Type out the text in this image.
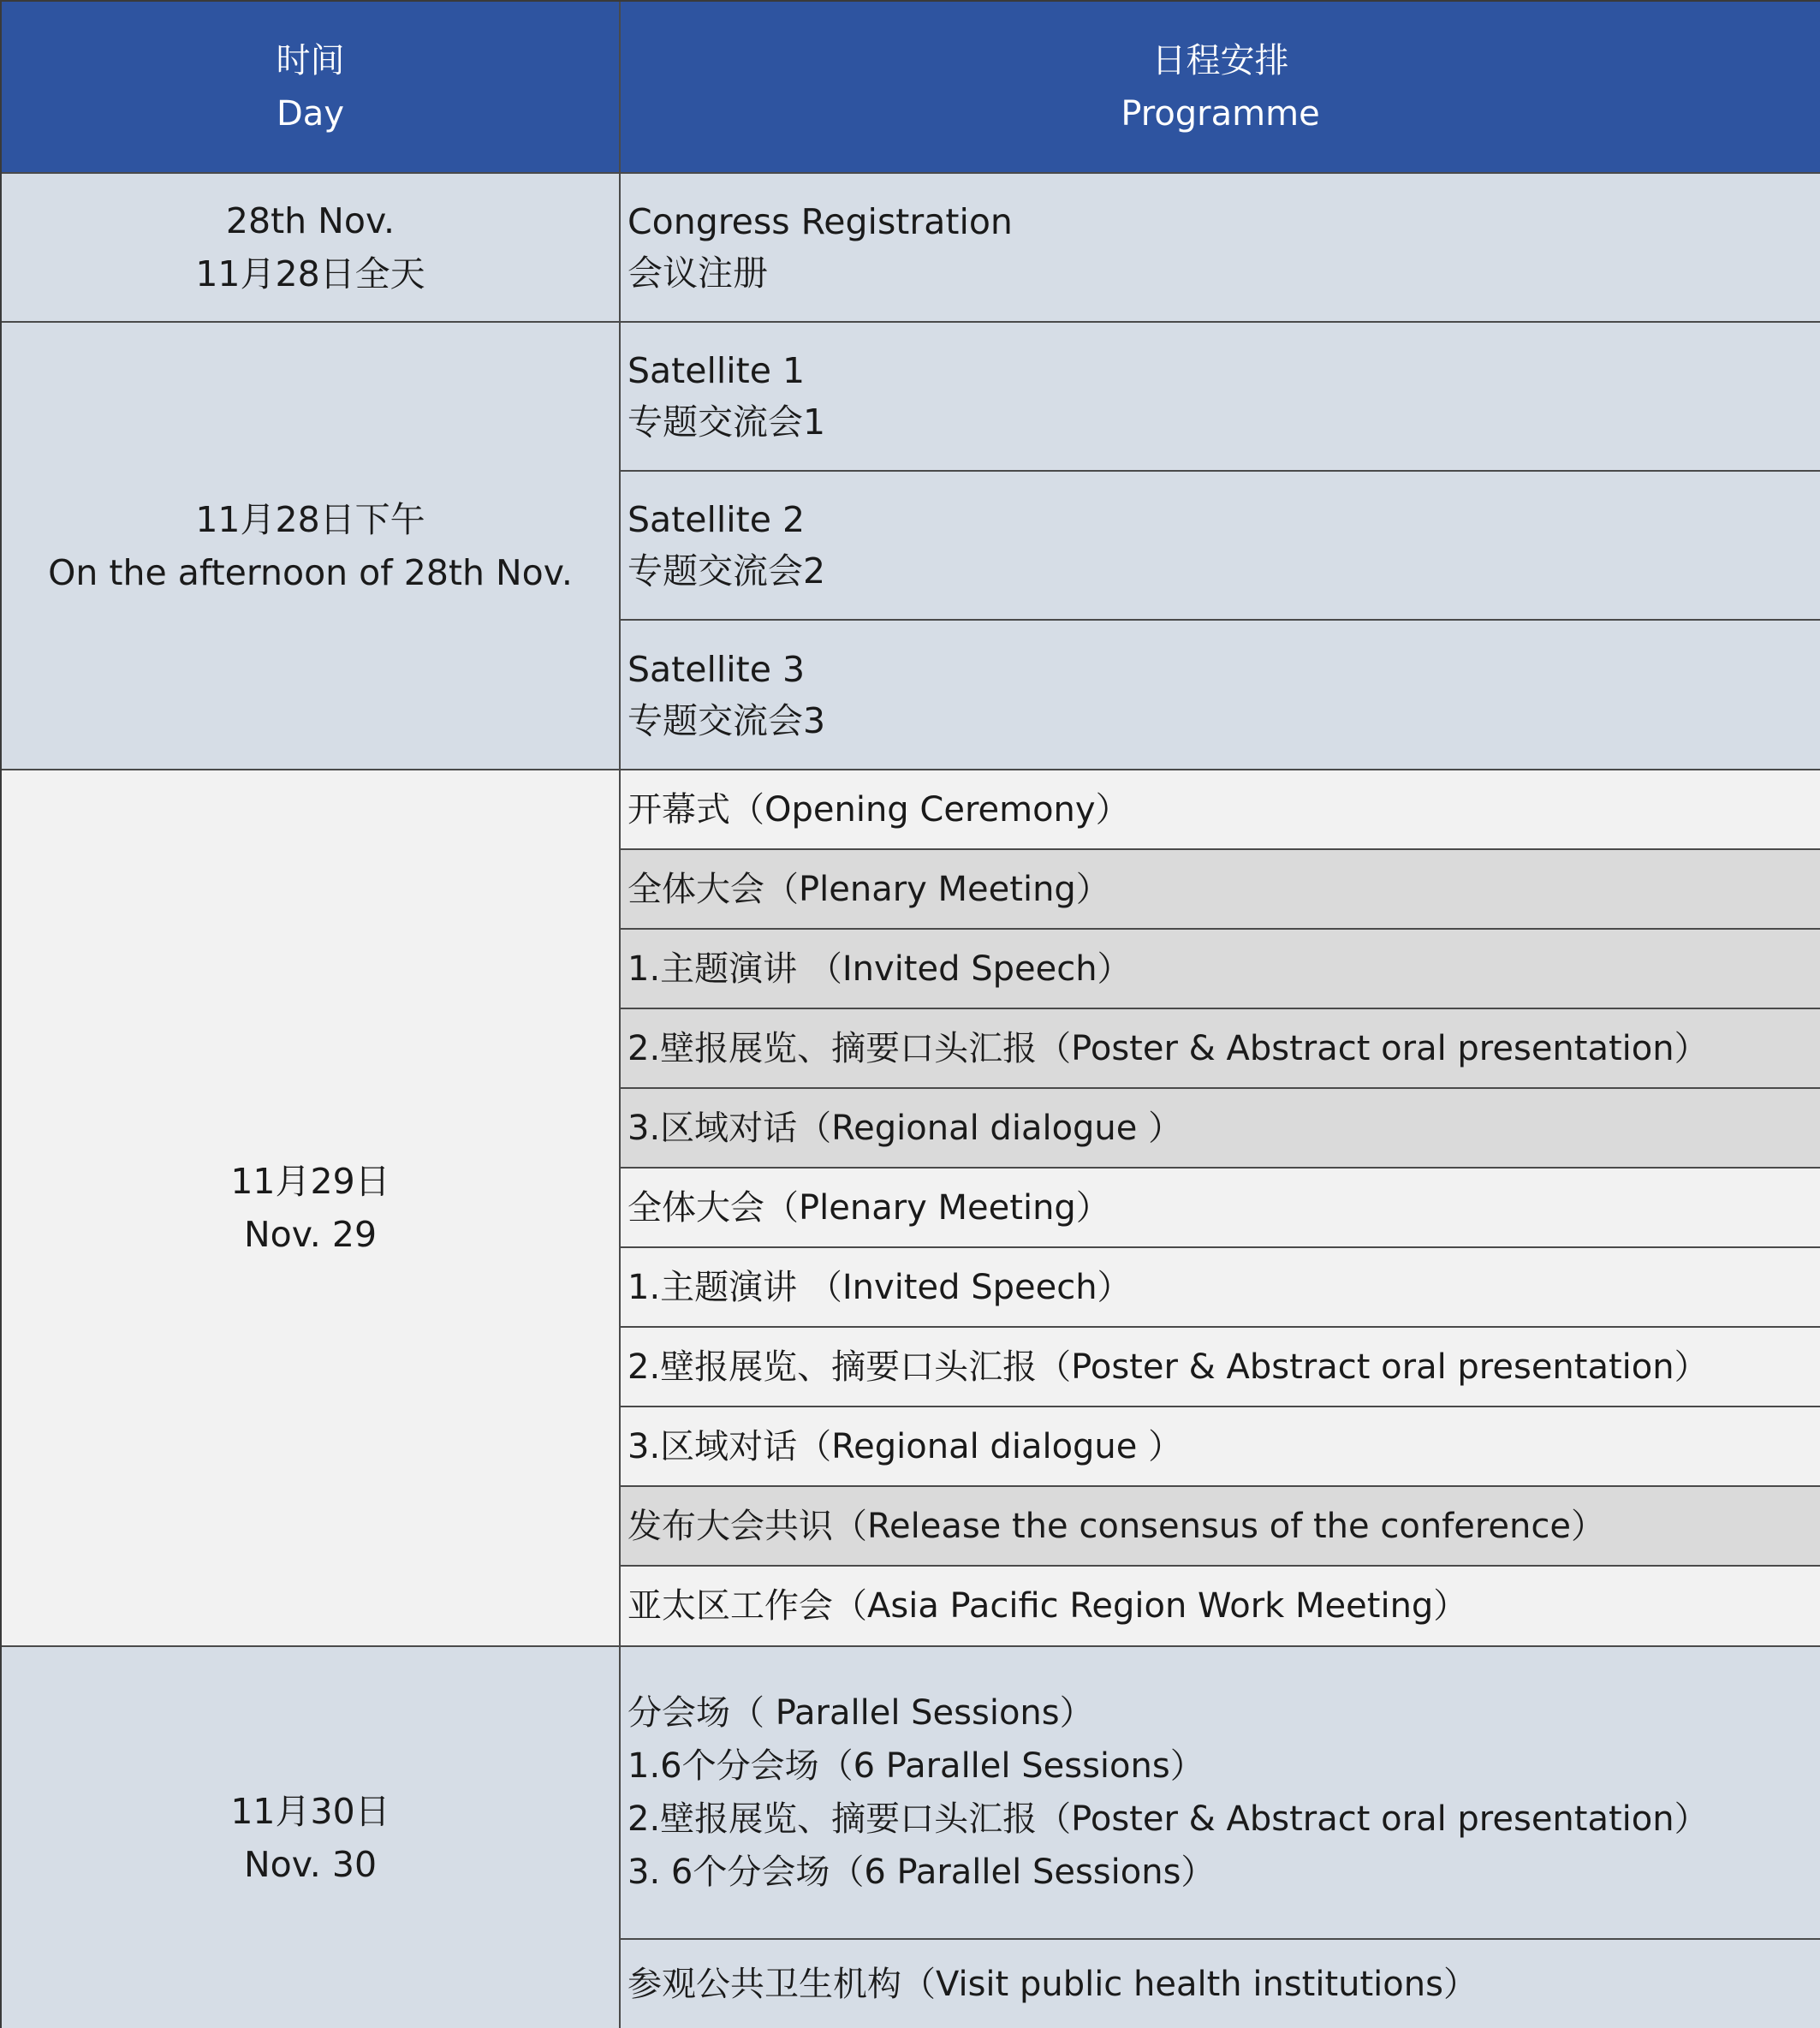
时间
Day
日程安排
Programme
28th Nov.
11月28日全天
Congress Registration
会议注册
11月28日下午
On the afternoon of 28th Nov.
Satellite 1
专题交流会1
Satellite 2
专题交流会2
Satellite 3
专题交流会3
11月29日
Nov. 29
开幕式（Opening Ceremony）
全体大会（Plenary Meeting）
1.主题演讲 （Invited Speech）
2.壁报展览、摘要口头汇报（Poster & Abstract oral presentation）
3.区域对话（Regional dialogue ）
全体大会（Plenary Meeting）
1.主题演讲 （Invited Speech）
2.壁报展览、摘要口头汇报（Poster & Abstract oral presentation）
3.区域对话（Regional dialogue ）
发布大会共识（Release the consensus of the conference）
亚太区工作会（Asia Pacific Region Work Meeting）
11月30日
Nov. 30
分会场（ Parallel Sessions）
1.6个分会场（6 Parallel Sessions）
2.壁报展览、摘要口头汇报（Poster & Abstract oral presentation）
3. 6个分会场（6 Parallel Sessions）
参观公共卫生机构（Visit public health institutions）
